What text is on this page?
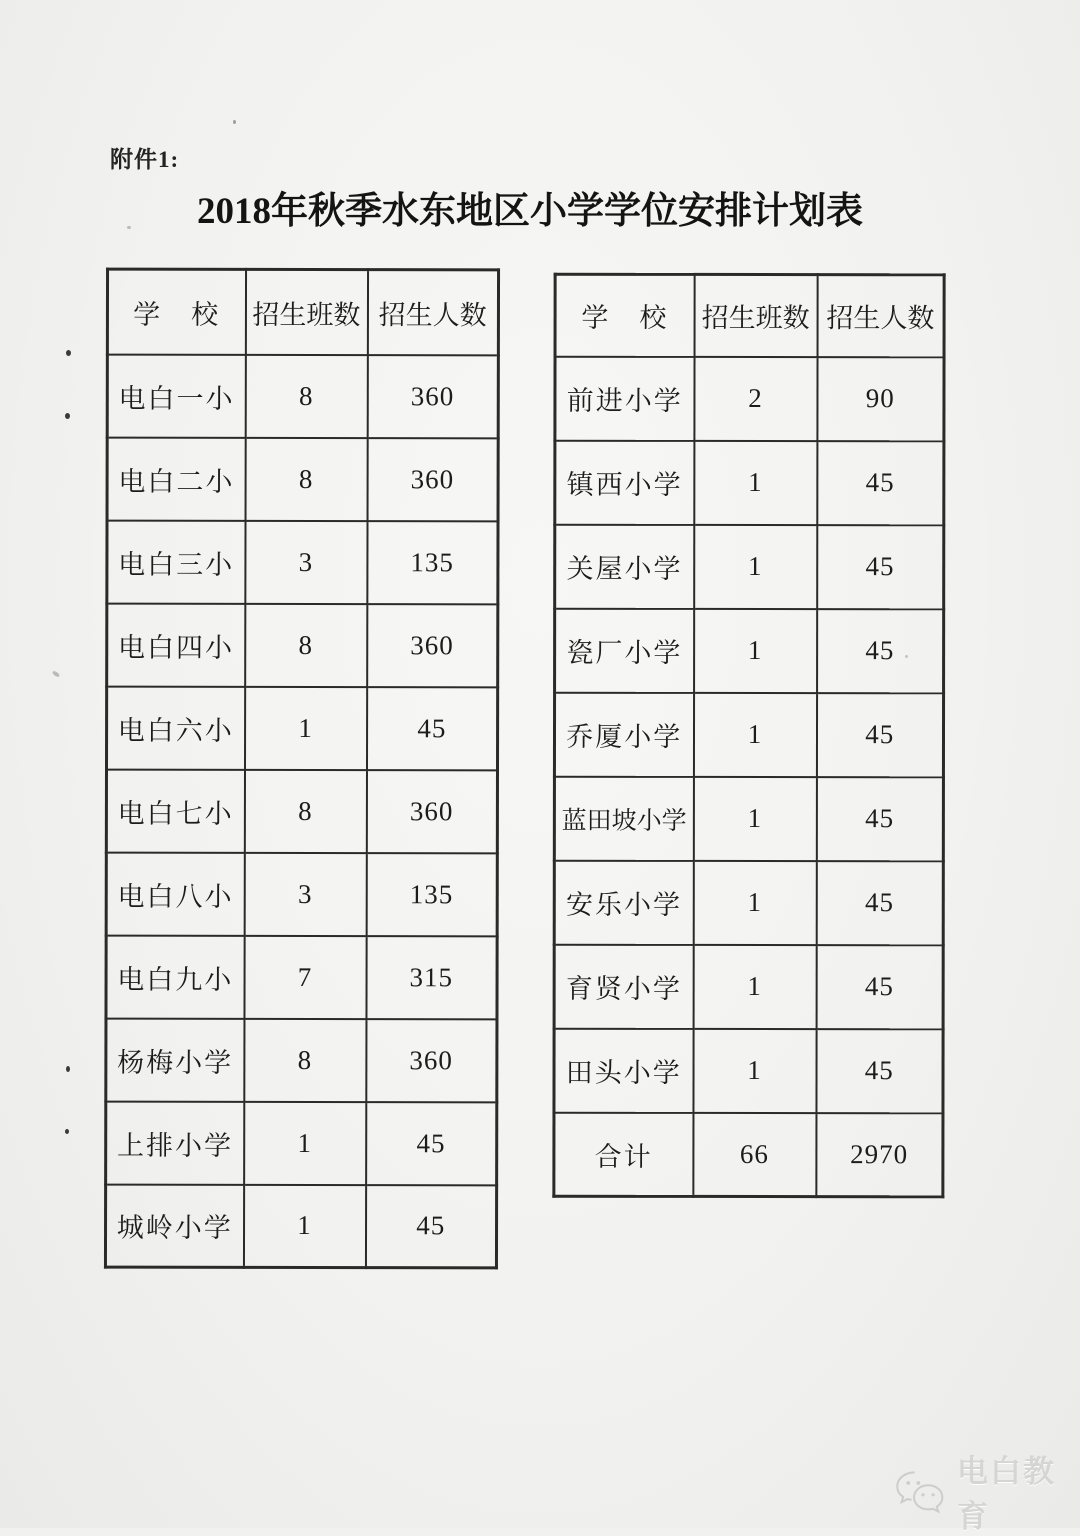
附件1:
2018年秋季水东地区小学学位安排计划表
学　校	招生班数	招生人数
电白一小	8	360
电白二小	8	360
电白三小	3	135
电白四小	8	360
电白六小	1	45
电白七小	8	360
电白八小	3	135
电白九小	7	315
杨梅小学	8	360
上排小学	1	45
城岭小学	1	45
学　校	招生班数	招生人数
前进小学	2	90
镇西小学	1	45
关屋小学	1	45
瓷厂小学	1	45
乔厦小学	1	45
蓝田坡小学	1	45
安乐小学	1	45
育贤小学	1	45
田头小学	1	45
合计	66	2970
电白教育
